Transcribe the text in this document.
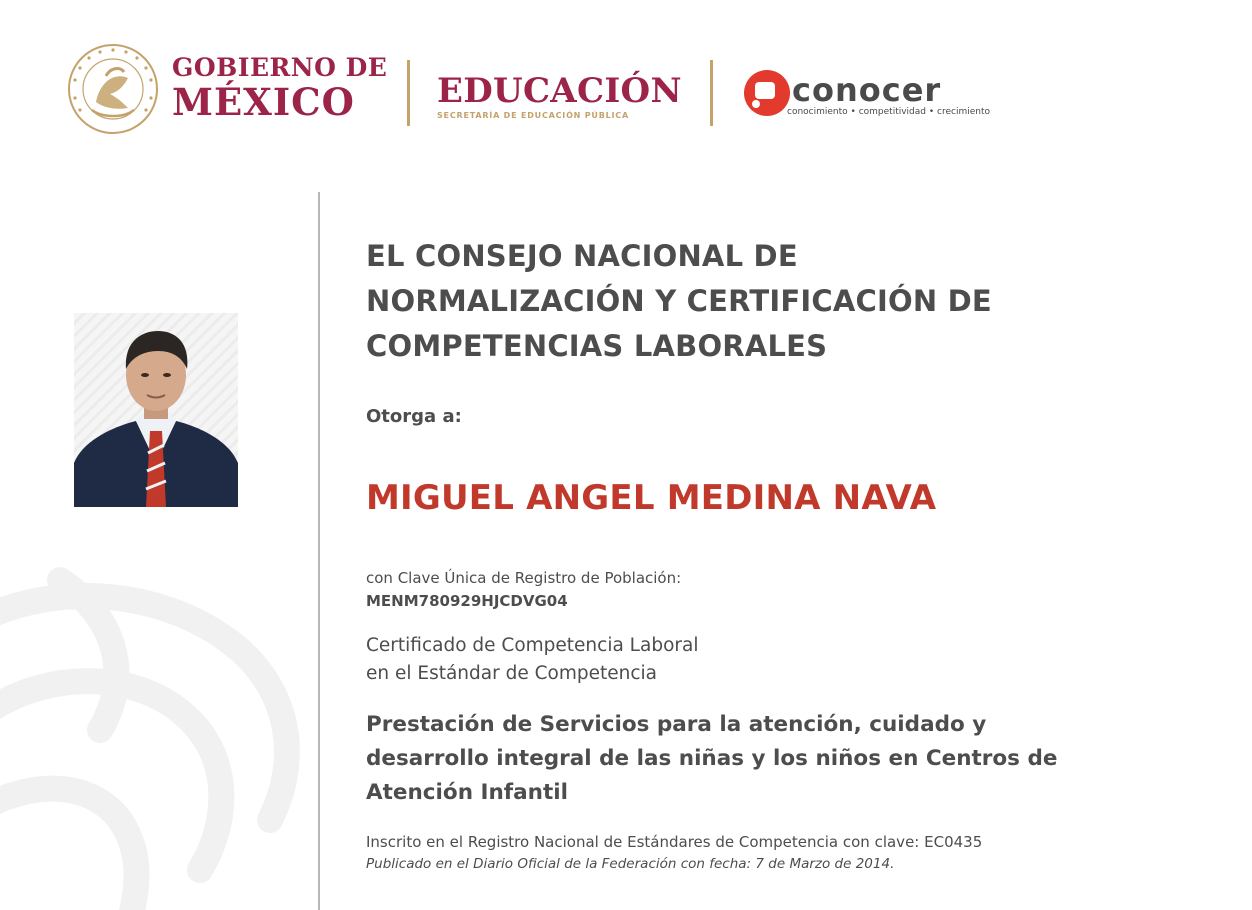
GOBIERNO DE
MÉXICO	EDUCACIÓN
SECRETARÍA DE EDUCACIÓN PÚBLICA
conocer
conocimiento • competitividad • crecimiento
EL CONSEJO NACIONAL DE
NORMALIZACIÓN Y CERTIFICACIÓN DE
COMPETENCIAS LABORALES
Otorga a:
MIGUEL ANGEL MEDINA NAVA
con Clave Única de Registro de Población:
MENM780929HJCDVG04
Certificado de Competencia Laboral
en el Estándar de Competencia
Prestación de Servicios para la atención, cuidado y desarrollo integral de las niñas y los niños en Centros de Atención Infantil
Inscrito en el Registro Nacional de Estándares de Competencia con clave: EC0435
Publicado en el Diario Oficial de la Federación con fecha: 7 de Marzo de 2014.
